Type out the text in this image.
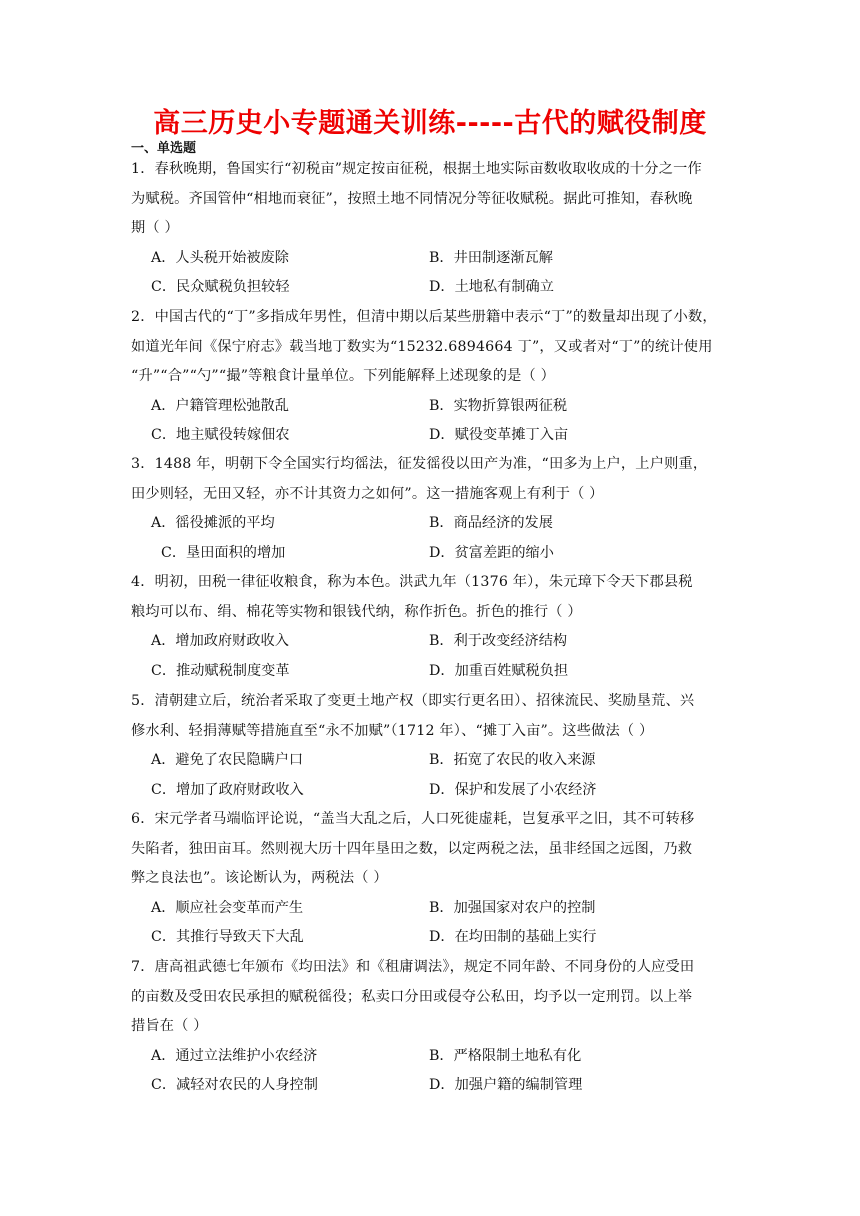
高三历史小专题通关训练-----古代的赋役制度
一、单选题
1．春秋晚期，鲁国实行“初税亩”规定按亩征税，根据土地实际亩数收取收成的十分之一作
为赋税。齐国管仲“相地而衰征”，按照土地不同情况分等征收赋税。据此可推知，春秋晚
期（ ）
A．人头税开始被废除	B．井田制逐渐瓦解
C．民众赋税负担较轻	D．土地私有制确立
2．中国古代的“丁”多指成年男性，但清中期以后某些册籍中表示“丁”的数量却出现了小数，
如道光年间《保宁府志》载当地丁数实为“15232.6894664 丁”，又或者对“丁”的统计使用
“升”“合”“勺”“撮”等粮食计量单位。下列能解释上述现象的是（ ）
A．户籍管理松弛散乱	B．实物折算银两征税
C．地主赋役转嫁佃农	D．赋役变革摊丁入亩
3．1488 年，明朝下令全国实行均徭法，征发徭役以田产为准，“田多为上户，上户则重，
田少则轻，无田又轻，亦不计其资力之如何”。这一措施客观上有利于（ ）
A．徭役摊派的平均	B．商品经济的发展
C．垦田面积的增加	D．贫富差距的缩小
4．明初，田税一律征收粮食，称为本色。洪武九年（1376 年），朱元璋下令天下郡县税
粮均可以布、绢、棉花等实物和银钱代纳，称作折色。折色的推行（ ）
A．增加政府财政收入	B．利于改变经济结构
C．推动赋税制度变革	D．加重百姓赋税负担
5．清朝建立后，统治者采取了变更土地产权（即实行更名田）、招徕流民、奖励垦荒、兴
修水利、轻捐薄赋等措施直至“永不加赋”（1712 年）、“摊丁入亩”。这些做法（ ）
A．避免了农民隐瞒户口	B．拓宽了农民的收入来源
C．增加了政府财政收入	D．保护和发展了小农经济
6．宋元学者马端临评论说，“盖当大乱之后，人口死徙虚耗，岂复承平之旧，其不可转移
失陷者，独田亩耳。然则视大历十四年垦田之数，以定两税之法，虽非经国之远图，乃救
弊之良法也”。该论断认为，两税法（ ）
A．顺应社会变革而产生	B．加强国家对农户的控制
C．其推行导致天下大乱	D．在均田制的基础上实行
7．唐高祖武德七年颁布《均田法》和《租庸调法》，规定不同年龄、不同身份的人应受田
的亩数及受田农民承担的赋税徭役；私卖口分田或侵夺公私田，均予以一定刑罚。以上举
措旨在（ ）
A．通过立法维护小农经济	B．严格限制土地私有化
C．减轻对农民的人身控制	D．加强户籍的编制管理
